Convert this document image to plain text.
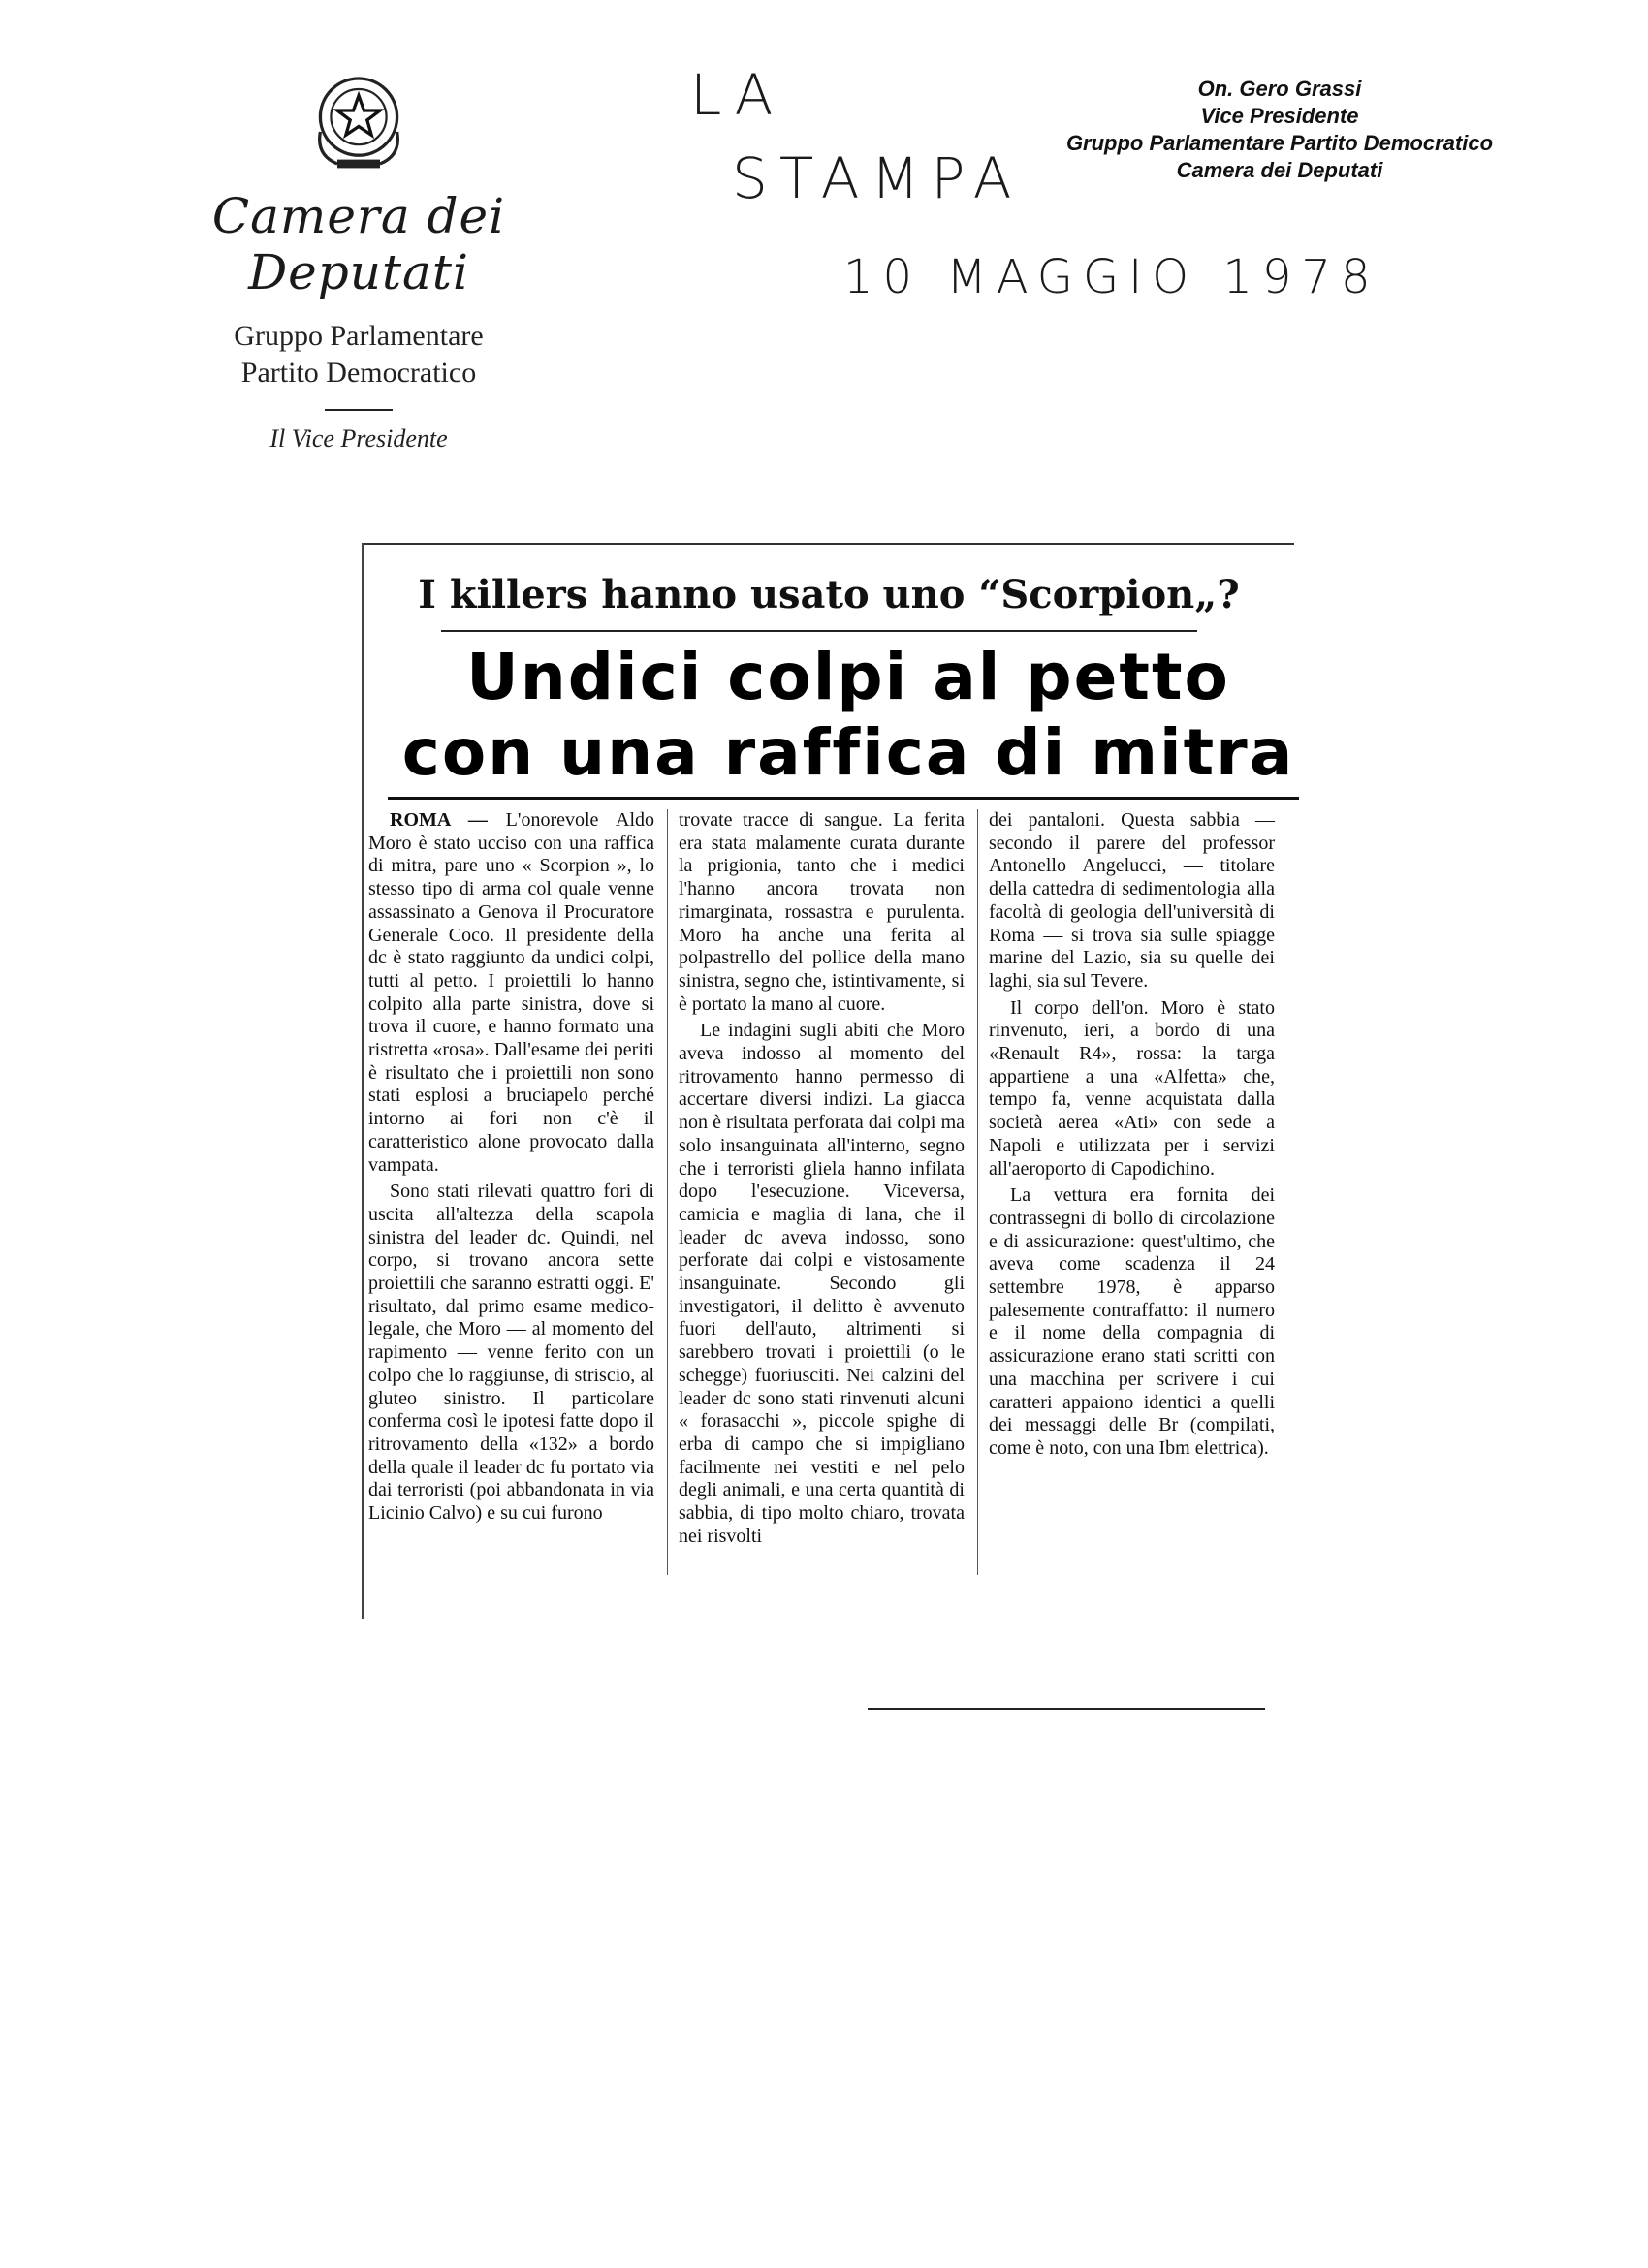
Camera dei Deputati
Gruppo Parlamentare
Partito Democratico
Il Vice Presidente
LA
STAMPA
10 MAGGIO 1978
On. Gero Grassi
Vice Presidente
Gruppo Parlamentare Partito Democratico
Camera dei Deputati
I killers hanno usato uno “Scorpion„?
Undici colpi al petto
con una raffica di mitra

ROMA — L'onorevole Aldo Moro è stato ucciso con una raffica di mitra, pare uno « Scorpion », lo stesso tipo di arma col quale venne assassinato a Genova il Procuratore Generale Coco. Il presidente della dc è stato raggiunto da undici colpi, tutti al petto. I proiettili lo hanno colpito alla parte sinistra, dove si trova il cuore, e hanno formato una ristretta «rosa». Dall'esame dei periti è risultato che i proiettili non sono stati esplosi a bruciapelo perché intorno ai fori non c'è il caratteristico alone provocato dalla vampata.

Sono stati rilevati quattro fori di uscita all'altezza della scapola sinistra del leader dc. Quindi, nel corpo, si trovano ancora sette proiettili che saranno estratti oggi. E' risultato, dal primo esame medico-legale, che Moro — al momento del rapimento — venne ferito con un colpo che lo raggiunse, di striscio, al gluteo sinistro. Il particolare conferma così le ipotesi fatte dopo il ritrovamento della «132» a bordo della quale il leader dc fu portato via dai terroristi (poi abbandonata in via Licinio Calvo) e su cui furono

trovate tracce di sangue. La ferita era stata malamente curata durante la prigionia, tanto che i medici l'hanno ancora trovata non rimarginata, rossastra e purulenta. Moro ha anche una ferita al polpastrello del pollice della mano sinistra, segno che, istintivamente, si è portato la mano al cuore.

Le indagini sugli abiti che Moro aveva indosso al momento del ritrovamento hanno permesso di accertare diversi indizi. La giacca non è risultata perforata dai colpi ma solo insanguinata all'interno, segno che i terroristi gliela hanno infilata dopo l'esecuzione. Viceversa, camicia e maglia di lana, che il leader dc aveva indosso, sono perforate dai colpi e vistosamente insanguinate. Secondo gli investigatori, il delitto è avvenuto fuori dell'auto, altrimenti si sarebbero trovati i proiettili (o le schegge) fuoriusciti. Nei calzini del leader dc sono stati rinvenuti alcuni « forasacchi », piccole spighe di erba di campo che si impigliano facilmente nei vestiti e nel pelo degli animali, e una certa quantità di sabbia, di tipo molto chiaro, trovata nei risvolti

dei pantaloni. Questa sabbia — secondo il parere del professor Antonello Angelucci, — titolare della cattedra di sedimentologia alla facoltà di geologia dell'università di Roma — si trova sia sulle spiagge marine del Lazio, sia su quelle dei laghi, sia sul Tevere.

Il corpo dell'on. Moro è stato rinvenuto, ieri, a bordo di una «Renault R4», rossa: la targa appartiene a una «Alfetta» che, tempo fa, venne acquistata dalla società aerea «Ati» con sede a Napoli e utilizzata per i servizi all'aeroporto di Capodichino.

La vettura era fornita dei contrassegni di bollo di circolazione e di assicurazione: quest'ultimo, che aveva come scadenza il 24 settembre 1978, è apparso palesemente contraffatto: il numero e il nome della compagnia di assicurazione erano stati scritti con una macchina per scrivere i cui caratteri appaiono identici a quelli dei messaggi delle Br (compilati, come è noto, con una Ibm elettrica).
